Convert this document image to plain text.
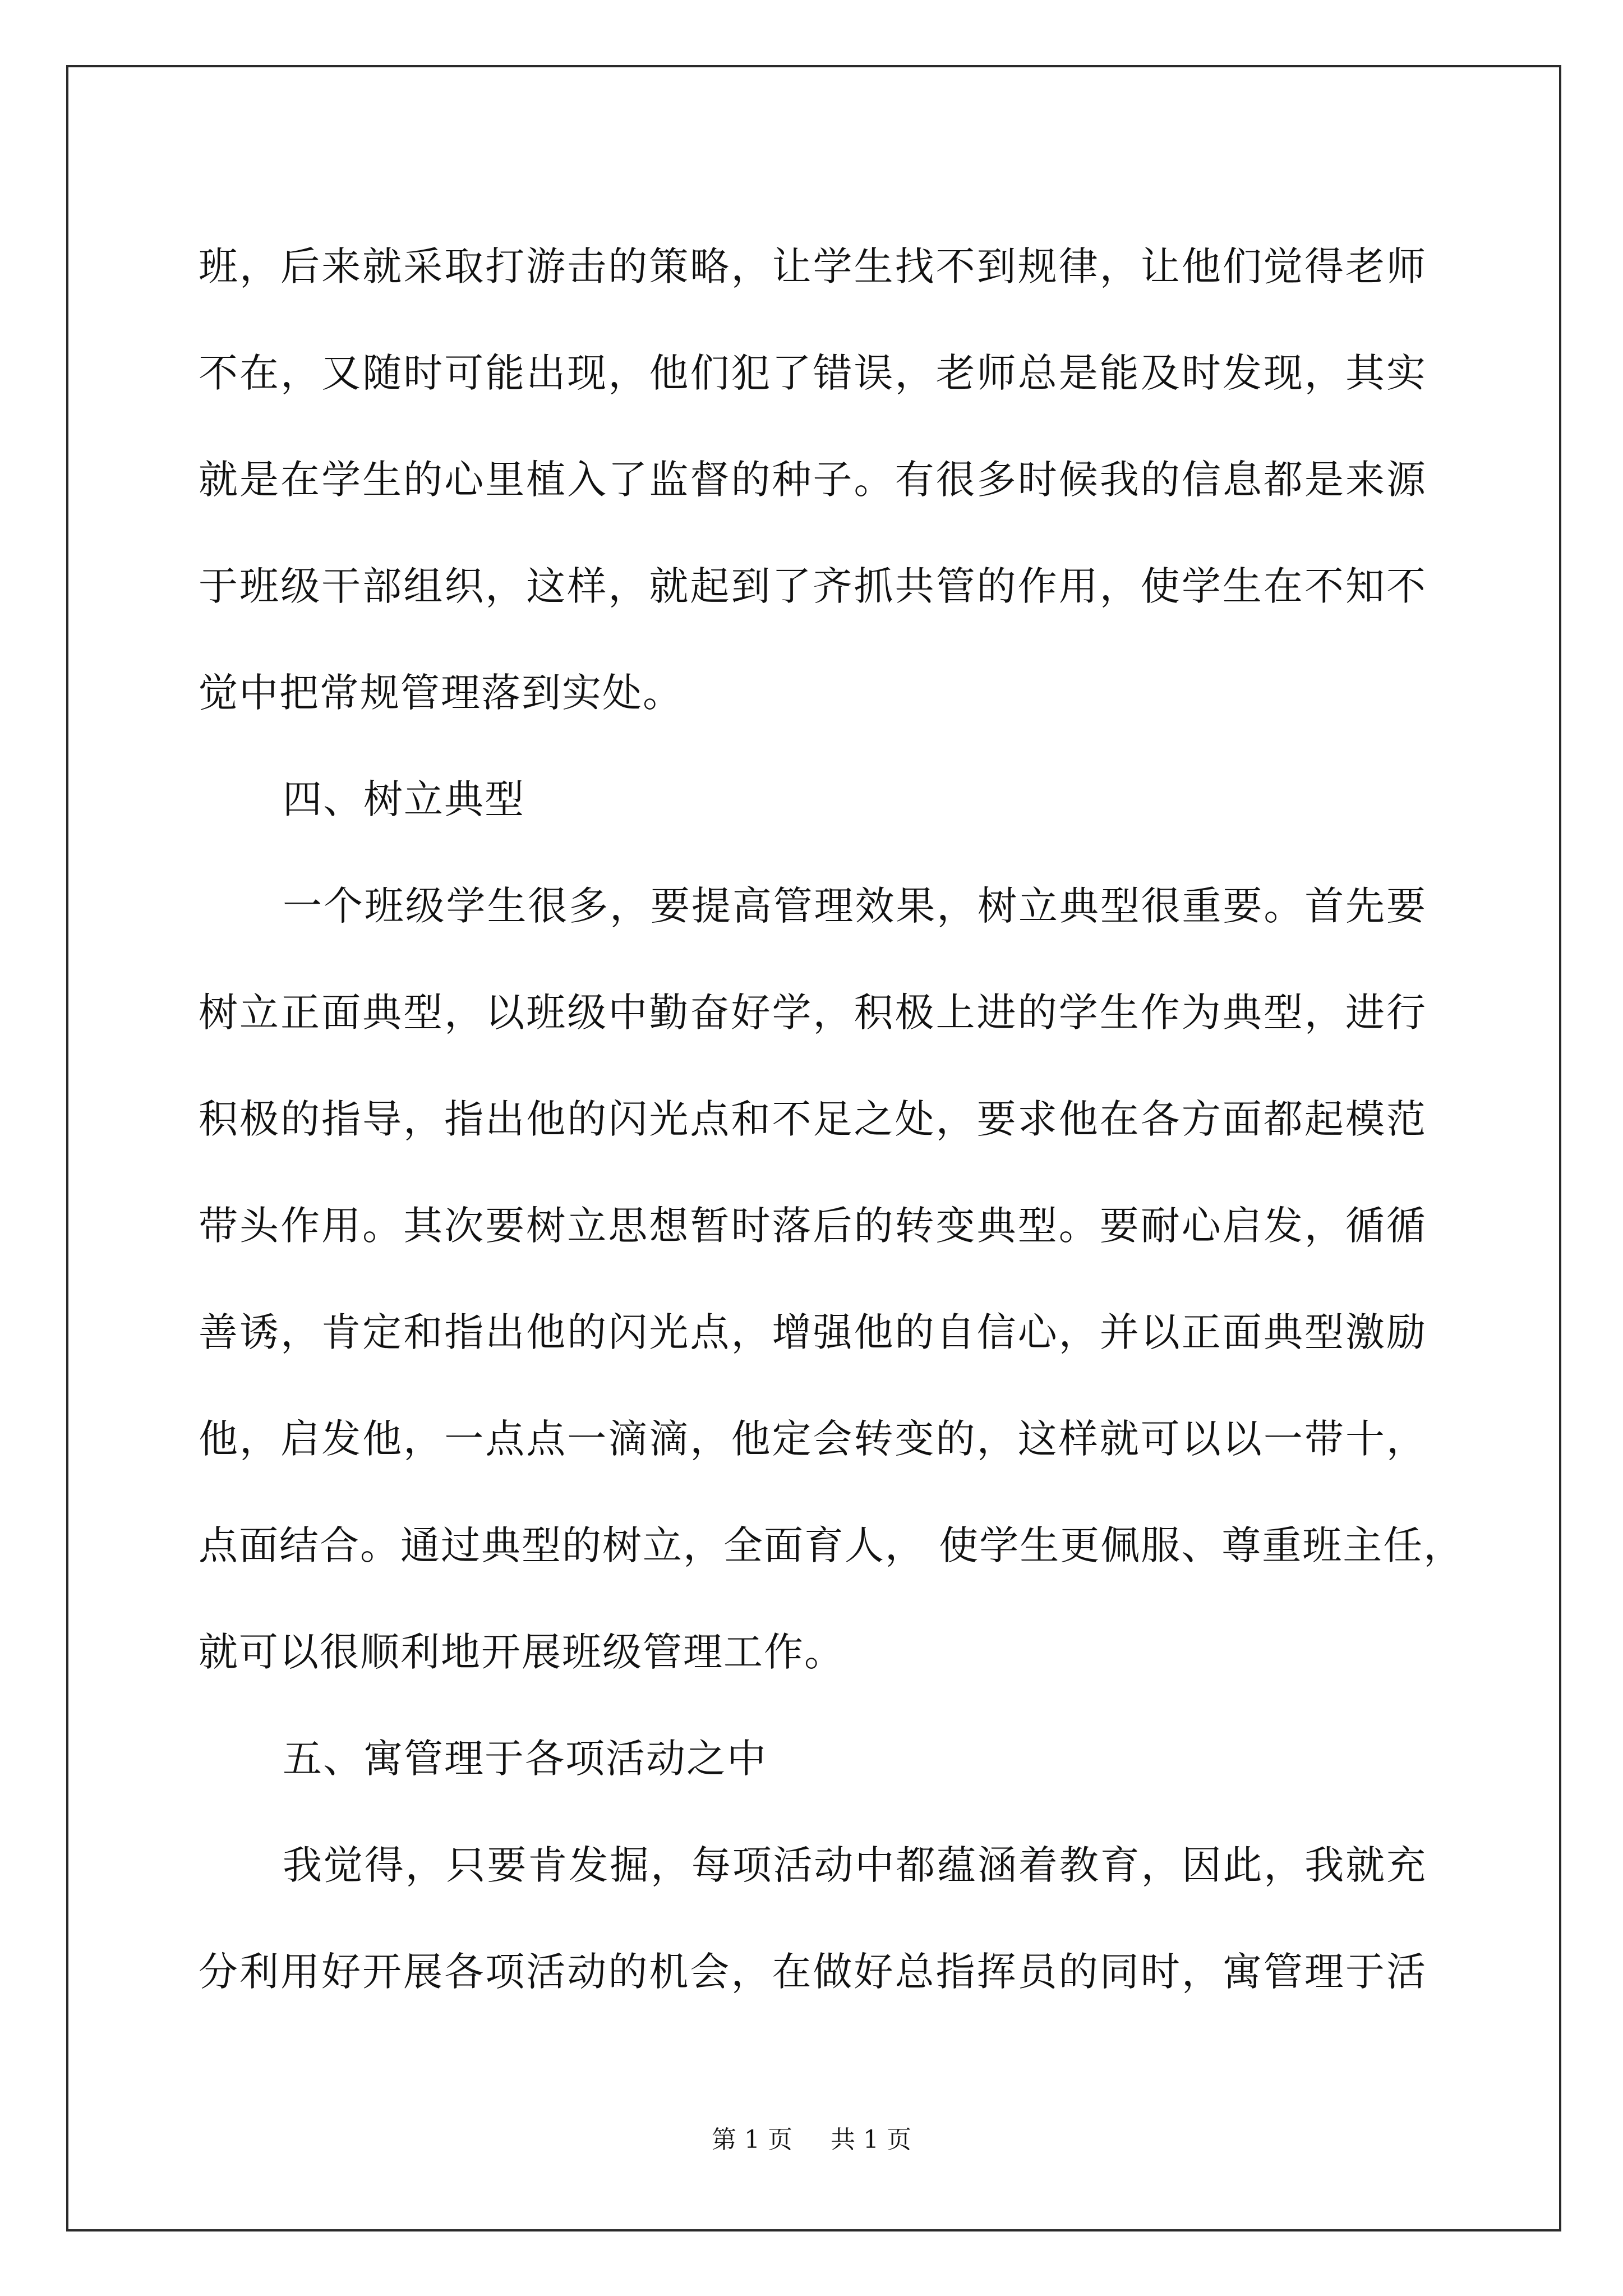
班，后来就采取打游击的策略，让学生找不到规律，让他们觉得老师
不在，又随时可能出现，他们犯了错误，老师总是能及时发现，其实
就是在学生的心里植入了监督的种子。有很多时候我的信息都是来源
于班级干部组织，这样，就起到了齐抓共管的作用，使学生在不知不
觉中把常规管理落到实处。
四、树立典型
一个班级学生很多，要提高管理效果，树立典型很重要。首先要
树立正面典型，以班级中勤奋好学，积极上进的学生作为典型，进行
积极的指导，指出他的闪光点和不足之处，要求他在各方面都起模范
带头作用。其次要树立思想暂时落后的转变典型。要耐心启发，循循
善诱，肯定和指出他的闪光点，增强他的自信心，并以正面典型激励
他，启发他，一点点一滴滴，他定会转变的，这样就可以以一带十，
点面结合。通过典型的树立，全面育人， 使学生更佩服、尊重班主任，
就可以很顺利地开展班级管理工作。
五、寓管理于各项活动之中
我觉得，只要肯发掘，每项活动中都蕴涵着教育，因此，我就充
分利用好开展各项活动的机会，在做好总指挥员的同时，寓管理于活
第 1 页 共 1 页
